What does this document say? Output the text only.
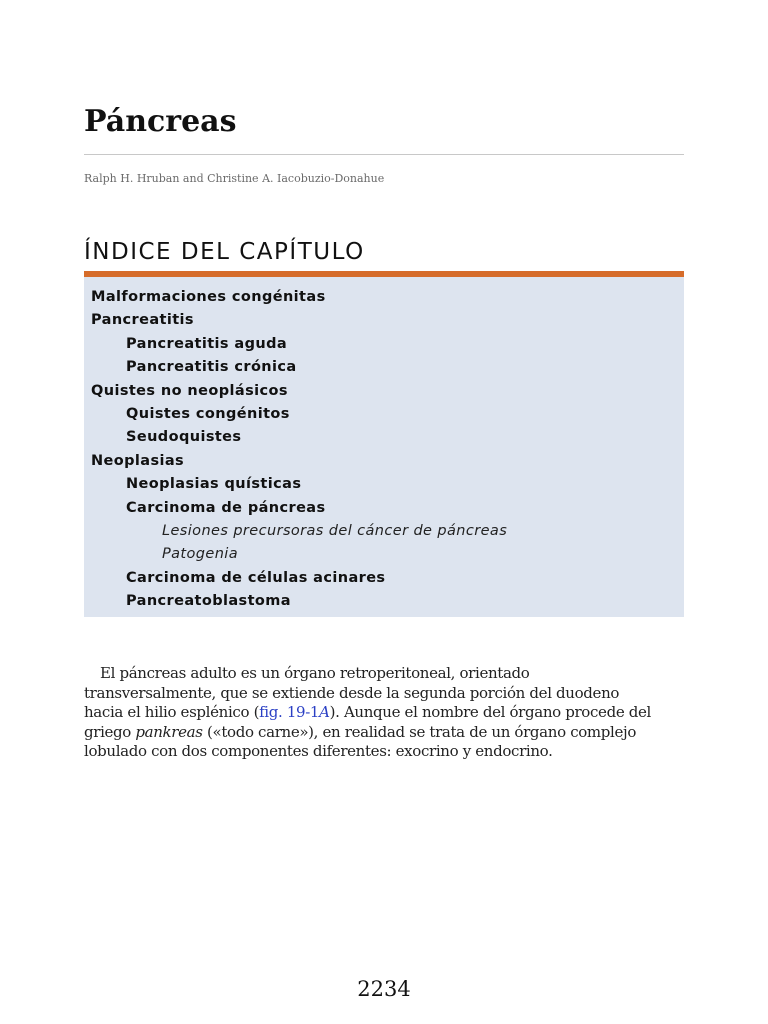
Páncreas
Ralph H. Hruban and Christine A. Iacobuzio-Donahue
ÍNDICE DEL CAPÍTULO
Malformaciones congénitas
Pancreatitis
Pancreatitis aguda
Pancreatitis crónica
Quistes no neoplásicos
Quistes congénitos
Seudoquistes
Neoplasias
Neoplasias quísticas
Carcinoma de páncreas
Lesiones precursoras del cáncer de páncreas
Patogenia
Carcinoma de células acinares
Pancreatoblastoma

El páncreas adulto es un órgano retroperitoneal, orientado
transversalmente, que se extiende desde la segunda porción del duodeno
hacia el hilio esplénico (fig. 19-1A). Aunque el nombre del órgano procede del
griego pankreas («todo carne»), en realidad se trata de un órgano complejo
lobulado con dos componentes diferentes: exocrino y endocrino.

2234
